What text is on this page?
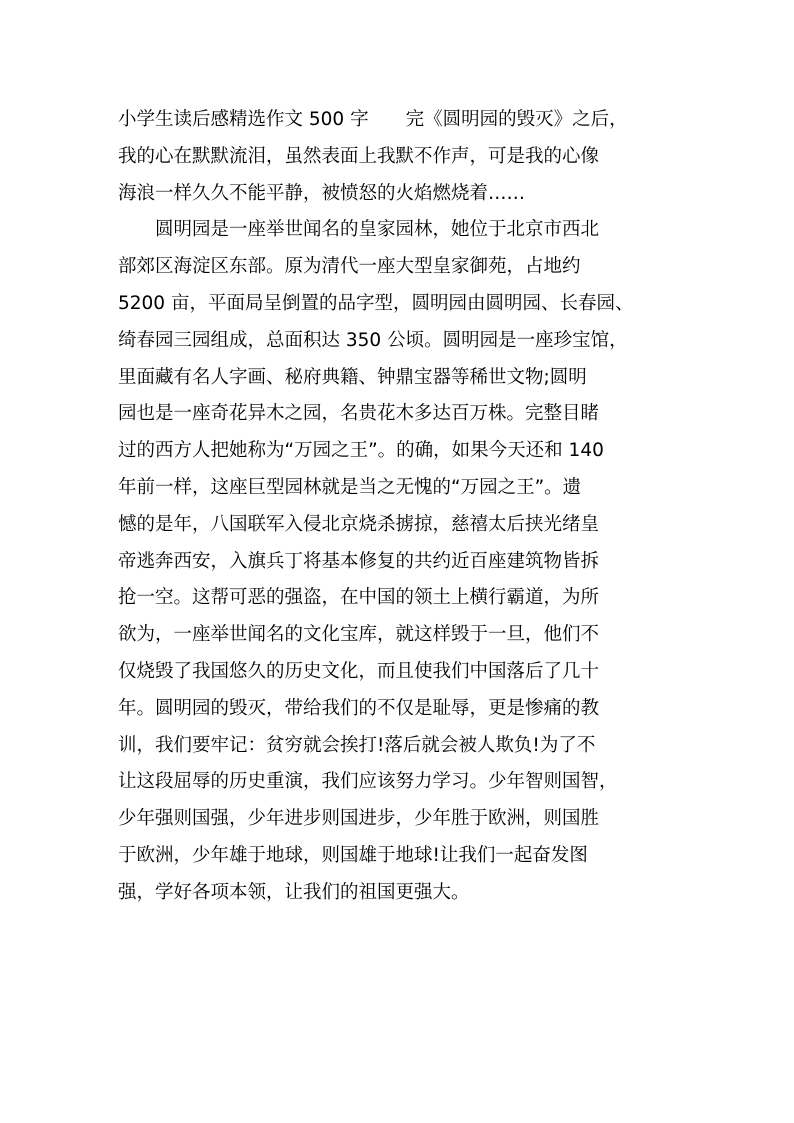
小学生读后感精选作文 500 字　　完《圆明园的毁灭》之后，
我的心在默默流泪，虽然表面上我默不作声，可是我的心像
海浪一样久久不能平静，被愤怒的火焰燃烧着……
圆明园是一座举世闻名的皇家园林，她位于北京市西北
部郊区海淀区东部。原为清代一座大型皇家御苑，占地约
5200 亩，平面局呈倒置的品字型，圆明园由圆明园、长春园、
绮春园三园组成，总面积达 350 公顷。圆明园是一座珍宝馆，
里面藏有名人字画、秘府典籍、钟鼎宝器等稀世文物;圆明
园也是一座奇花异木之园，名贵花木多达百万株。完整目睹
过的西方人把她称为“万园之王”。的确，如果今天还和 140
年前一样，这座巨型园林就是当之无愧的“万园之王”。遗
憾的是年，八国联军入侵北京烧杀掳掠，慈禧太后挟光绪皇
帝逃奔西安，入旗兵丁将基本修复的共约近百座建筑物皆拆
抢一空。这帮可恶的强盗，在中国的领土上横行霸道，为所
欲为，一座举世闻名的文化宝库，就这样毁于一旦，他们不
仅烧毁了我国悠久的历史文化，而且使我们中国落后了几十
年。圆明园的毁灭，带给我们的不仅是耻辱，更是惨痛的教
训，我们要牢记：贫穷就会挨打!落后就会被人欺负!为了不
让这段屈辱的历史重演，我们应该努力学习。少年智则国智，
少年强则国强，少年进步则国进步，少年胜于欧洲，则国胜
于欧洲，少年雄于地球，则国雄于地球!让我们一起奋发图
强，学好各项本领，让我们的祖国更强大。
